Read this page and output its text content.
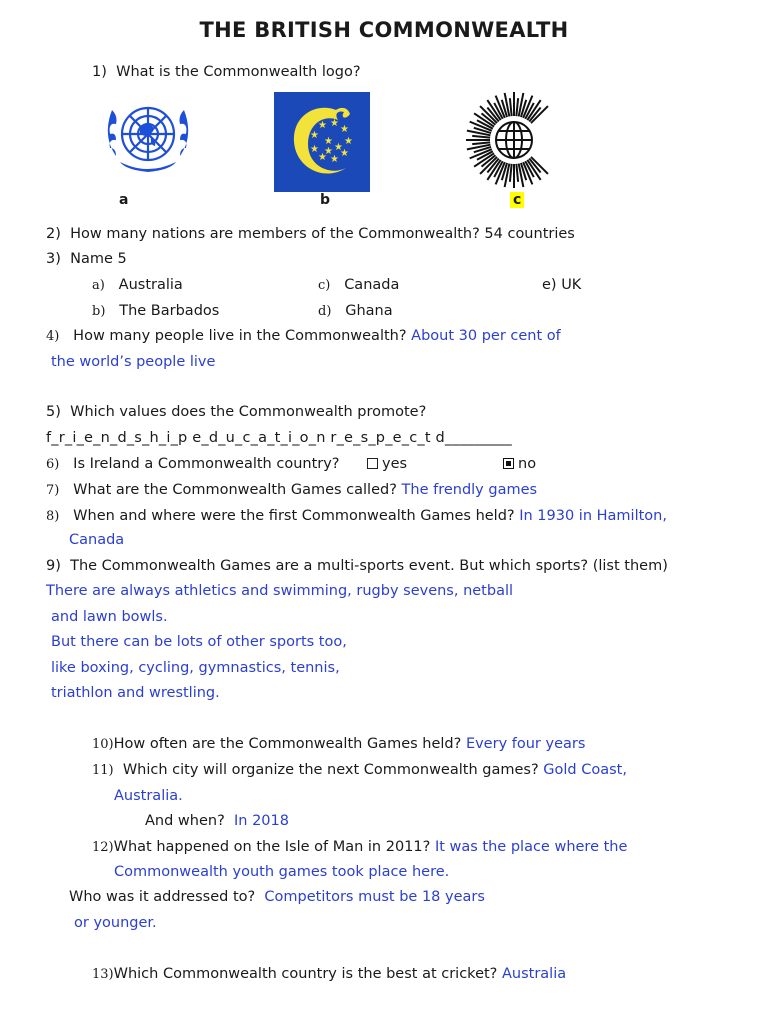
THE BRITISH COMMONWEALTH
1) What is the Commonwealth logo?
★ ★
★
★
★
★
★
★
★
★
★
★
a	b	c
2) How many nations are members of the Commonwealth? 54 countries
3) Name 5
a) Australia	c) Canada	e) UK
b) The Barbados	d) Ghana
4) How many people live in the Commonwealth? About 30 per cent of
the world’s people live
5) Which values does the Commonwealth promote?
f_r_i_e_n_d_s_h_i_p e_d_u_c_a_t_i_o_n r_e_s_p_e_c_t d_________
6) Is Ireland a Commonwealth country?	yes	no
7) What are the Commonwealth Games called? The frendly games
8) When and where were the first Commonwealth Games held? In 1930 in Hamilton,
Canada
9) The Commonwealth Games are a multi-sports event. But which sports? (list them)
There are always athletics and swimming, rugby sevens, netball
and lawn bowls.
But there can be lots of other sports too,
like boxing, cycling, gymnastics, tennis,
triathlon and wrestling.
10)How often are the Commonwealth Games held? Every four years
11) Which city will organize the next Commonwealth games? Gold Coast,
Australia.
And when? In 2018
12)What happened on the Isle of Man in 2011? It was the place where the
Commonwealth youth games took place here.
Who was it addressed to? Competitors must be 18 years
or younger.
13)Which Commonwealth country is the best at cricket? Australia
